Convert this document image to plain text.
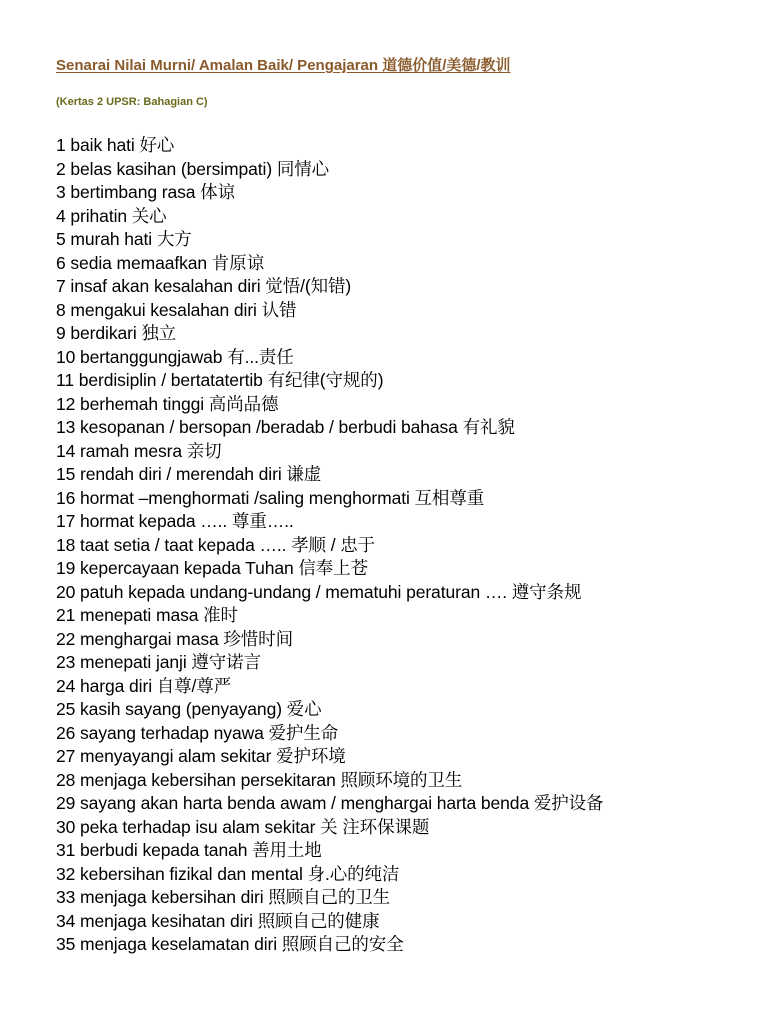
Senarai Nilai Murni/ Amalan Baik/ Pengajaran 道德价值/美德/教训

(Kertas 2 UPSR: Bahagian C)

1 baik hati 好心
2 belas kasihan (bersimpati) 同情心
3 bertimbang rasa 体谅
4 prihatin 关心
5 murah hati 大方
6 sedia memaafkan 肯原谅
7 insaf akan kesalahan diri 觉悟/(知错)
8 mengakui kesalahan diri 认错
9 berdikari 独立
10 bertanggungjawab 有...责任
11 berdisiplin / bertatatertib 有纪律(守规的)
12 berhemah tinggi 高尚品德
13 kesopanan / bersopan /beradab / berbudi bahasa 有礼貌
14 ramah mesra 亲切
15 rendah diri / merendah diri 谦虚
16 hormat –menghormati /saling menghormati 互相尊重
17 hormat kepada ….. 尊重…..
18 taat setia / taat kepada ….. 孝顺 / 忠于
19 kepercayaan kepada Tuhan 信奉上苍
20 patuh kepada undang-undang / mematuhi peraturan …. 遵守条规
21 menepati masa 准时
22 menghargai masa 珍惜时间
23 menepati janji 遵守诺言
24 harga diri 自尊/尊严
25 kasih sayang (penyayang) 爱心
26 sayang terhadap nyawa 爱护生命
27 menyayangi alam sekitar 爱护环境
28 menjaga kebersihan persekitaran 照顾环境的卫生
29 sayang akan harta benda awam / menghargai harta benda 爱护设备
30 peka terhadap isu alam sekitar 关 注环保课题
31 berbudi kepada tanah 善用土地
32 kebersihan fizikal dan mental 身.心的纯洁
33 menjaga kebersihan diri 照顾自己的卫生
34 menjaga kesihatan diri 照顾自己的健康
35 menjaga keselamatan diri 照顾自己的安全
